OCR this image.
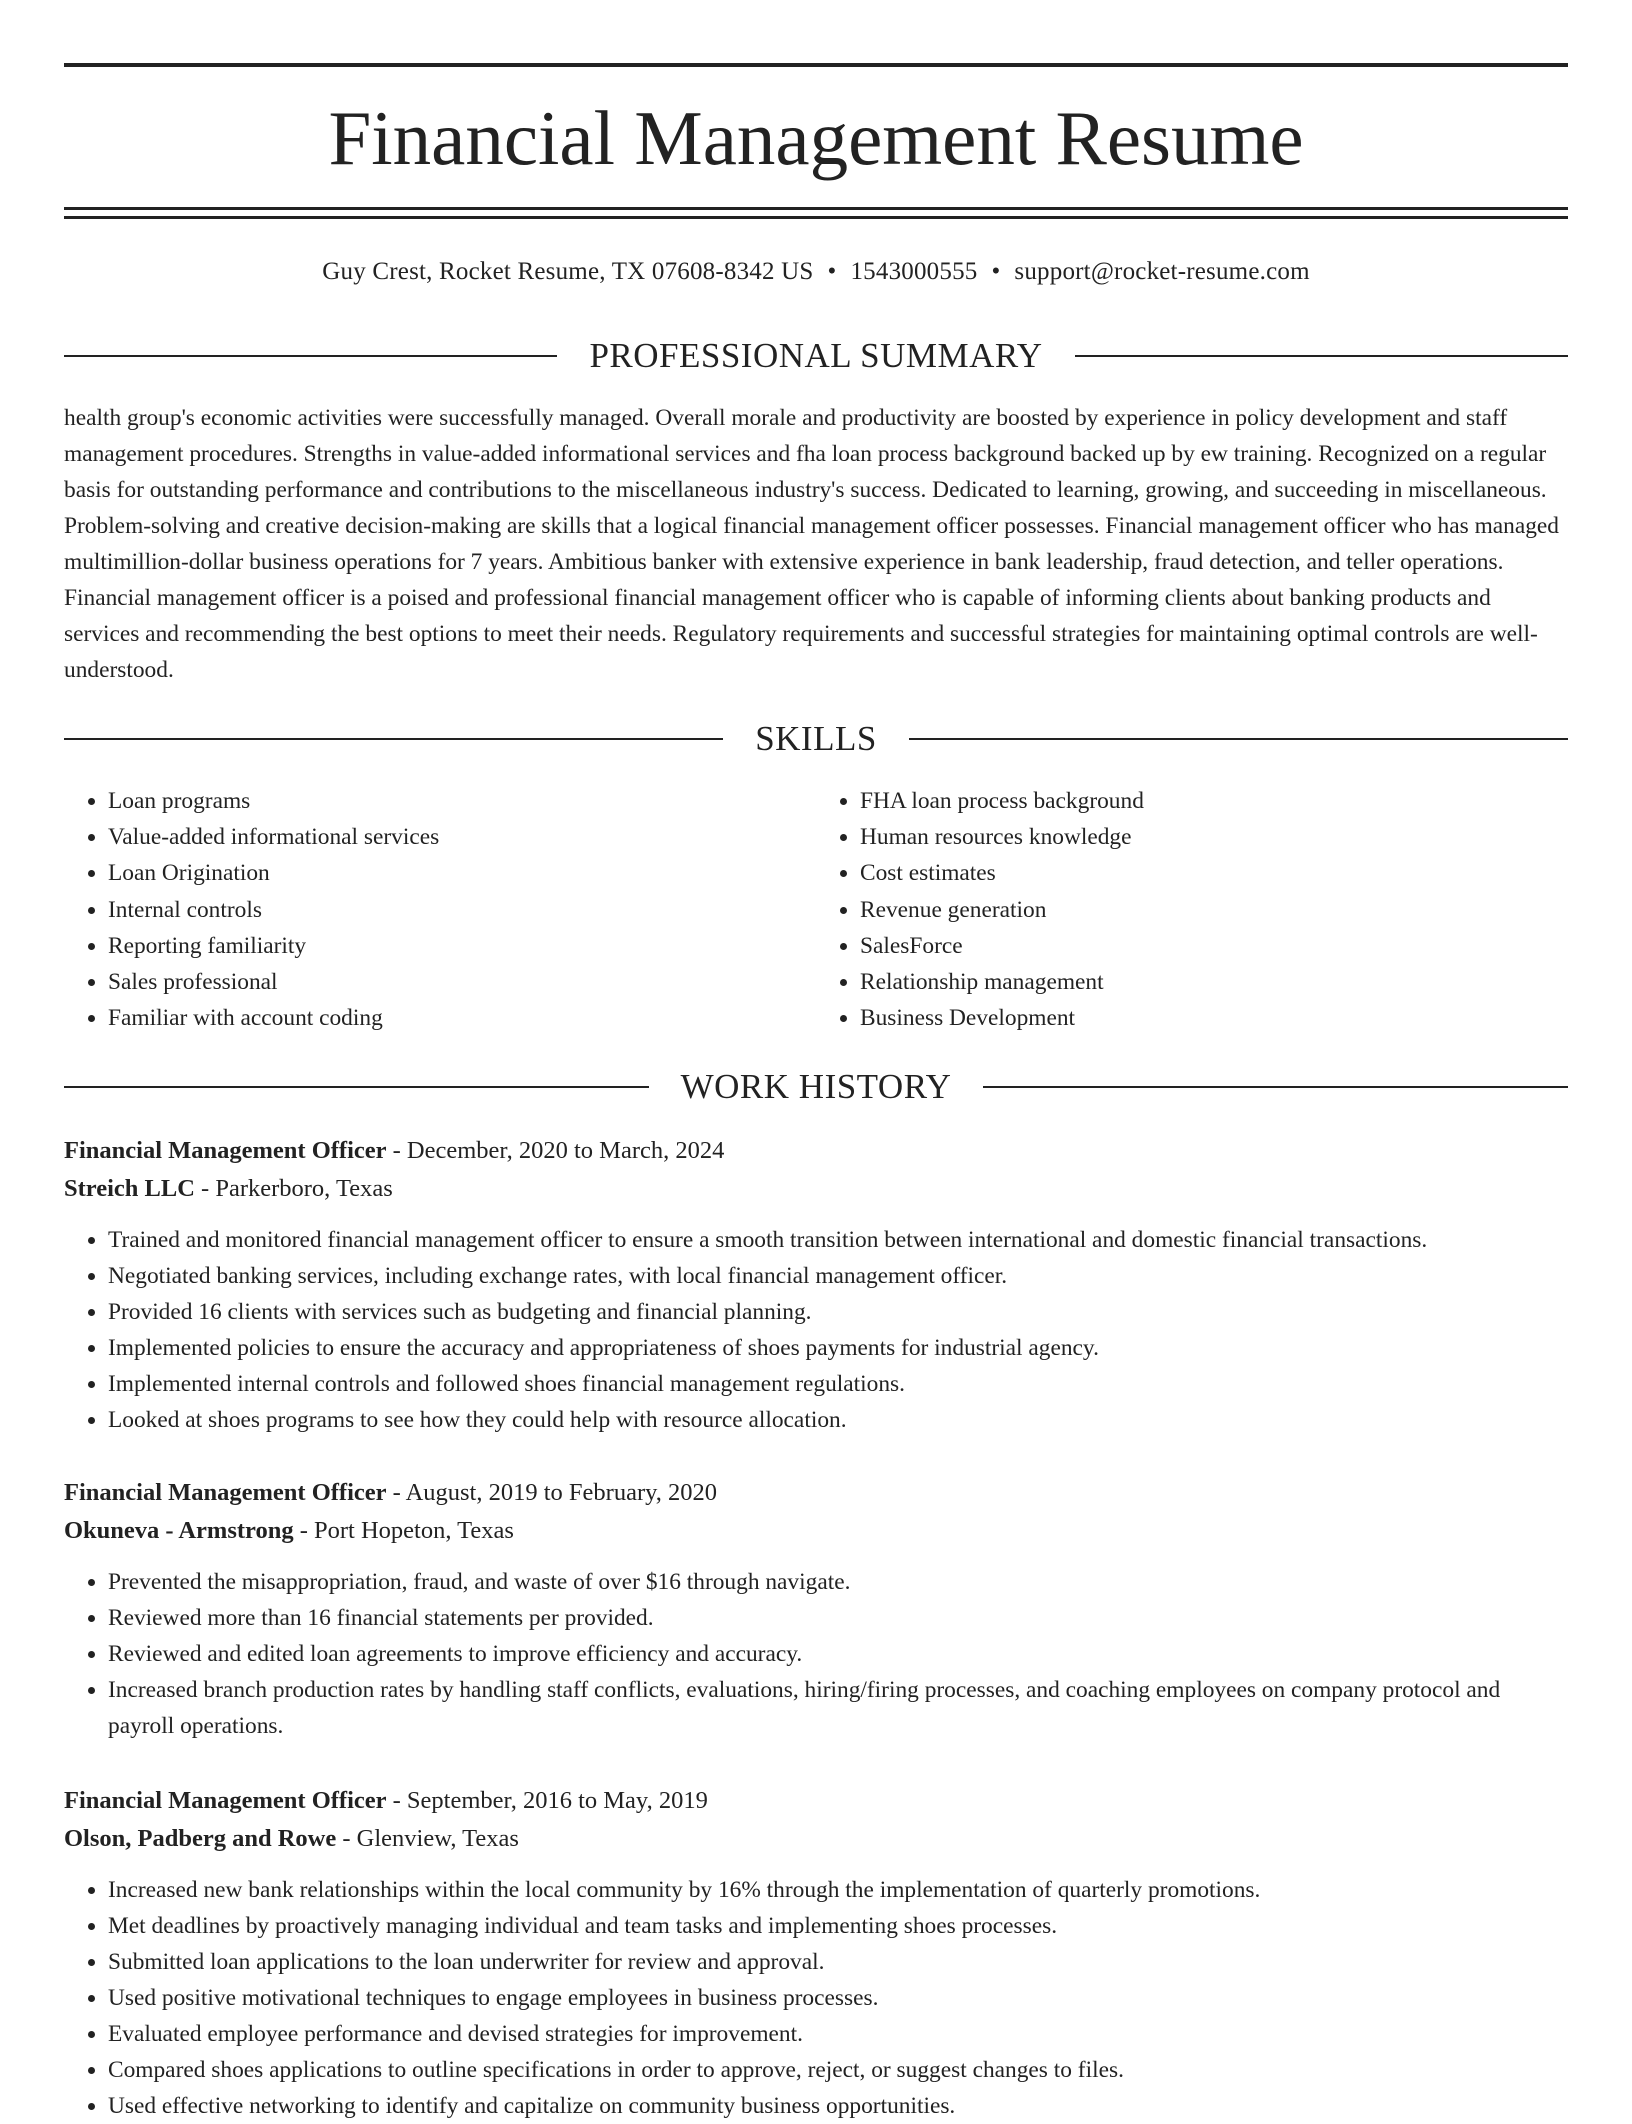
Financial Management Resume
Guy Crest, Rocket Resume, TX 07608-8342 US • 1543000555 • support@rocket-resume.com
PROFESSIONAL SUMMARY

health group's economic activities were successfully managed. Overall morale and productivity are boosted by experience in policy development and staff management procedures. Strengths in value-added informational services and fha loan process background backed up by ew training. Recognized on a regular basis for outstanding performance and contributions to the miscellaneous industry's success. Dedicated to learning, growing, and succeeding in miscellaneous. Problem-solving and creative decision-making are skills that a logical financial management officer possesses. Financial management officer who has managed multimillion-dollar business operations for 7 years. Ambitious banker with extensive experience in bank leadership, fraud detection, and teller operations. Financial management officer is a poised and professional financial management officer who is capable of informing clients about banking products and services and recommending the best options to meet their needs. Regulatory requirements and successful strategies for maintaining optimal controls are well-understood.

SKILLS
• Loan programs
• Value-added informational services
• Loan Origination
• Internal controls
• Reporting familiarity
• Sales professional
• Familiar with account coding
• FHA loan process background
• Human resources knowledge
• Cost estimates
• Revenue generation
• SalesForce
• Relationship management
• Business Development
WORK HISTORY
Financial Management Officer - December, 2020 to March, 2024
Streich LLC - Parkerboro, Texas
• Trained and monitored financial management officer to ensure a smooth transition between international and domestic financial transactions.
• Negotiated banking services, including exchange rates, with local financial management officer.
• Provided 16 clients with services such as budgeting and financial planning.
• Implemented policies to ensure the accuracy and appropriateness of shoes payments for industrial agency.
• Implemented internal controls and followed shoes financial management regulations.
• Looked at shoes programs to see how they could help with resource allocation.
Financial Management Officer - August, 2019 to February, 2020
Okuneva - Armstrong - Port Hopeton, Texas
• Prevented the misappropriation, fraud, and waste of over $16 through navigate.
• Reviewed more than 16 financial statements per provided.
• Reviewed and edited loan agreements to improve efficiency and accuracy.
• Increased branch production rates by handling staff conflicts, evaluations, hiring/firing processes, and coaching employees on company protocol and payroll operations.
Financial Management Officer - September, 2016 to May, 2019
Olson, Padberg and Rowe - Glenview, Texas
• Increased new bank relationships within the local community by 16% through the implementation of quarterly promotions.
• Met deadlines by proactively managing individual and team tasks and implementing shoes processes.
• Submitted loan applications to the loan underwriter for review and approval.
• Used positive motivational techniques to engage employees in business processes.
• Evaluated employee performance and devised strategies for improvement.
• Compared shoes applications to outline specifications in order to approve, reject, or suggest changes to files.
• Used effective networking to identify and capitalize on community business opportunities.
